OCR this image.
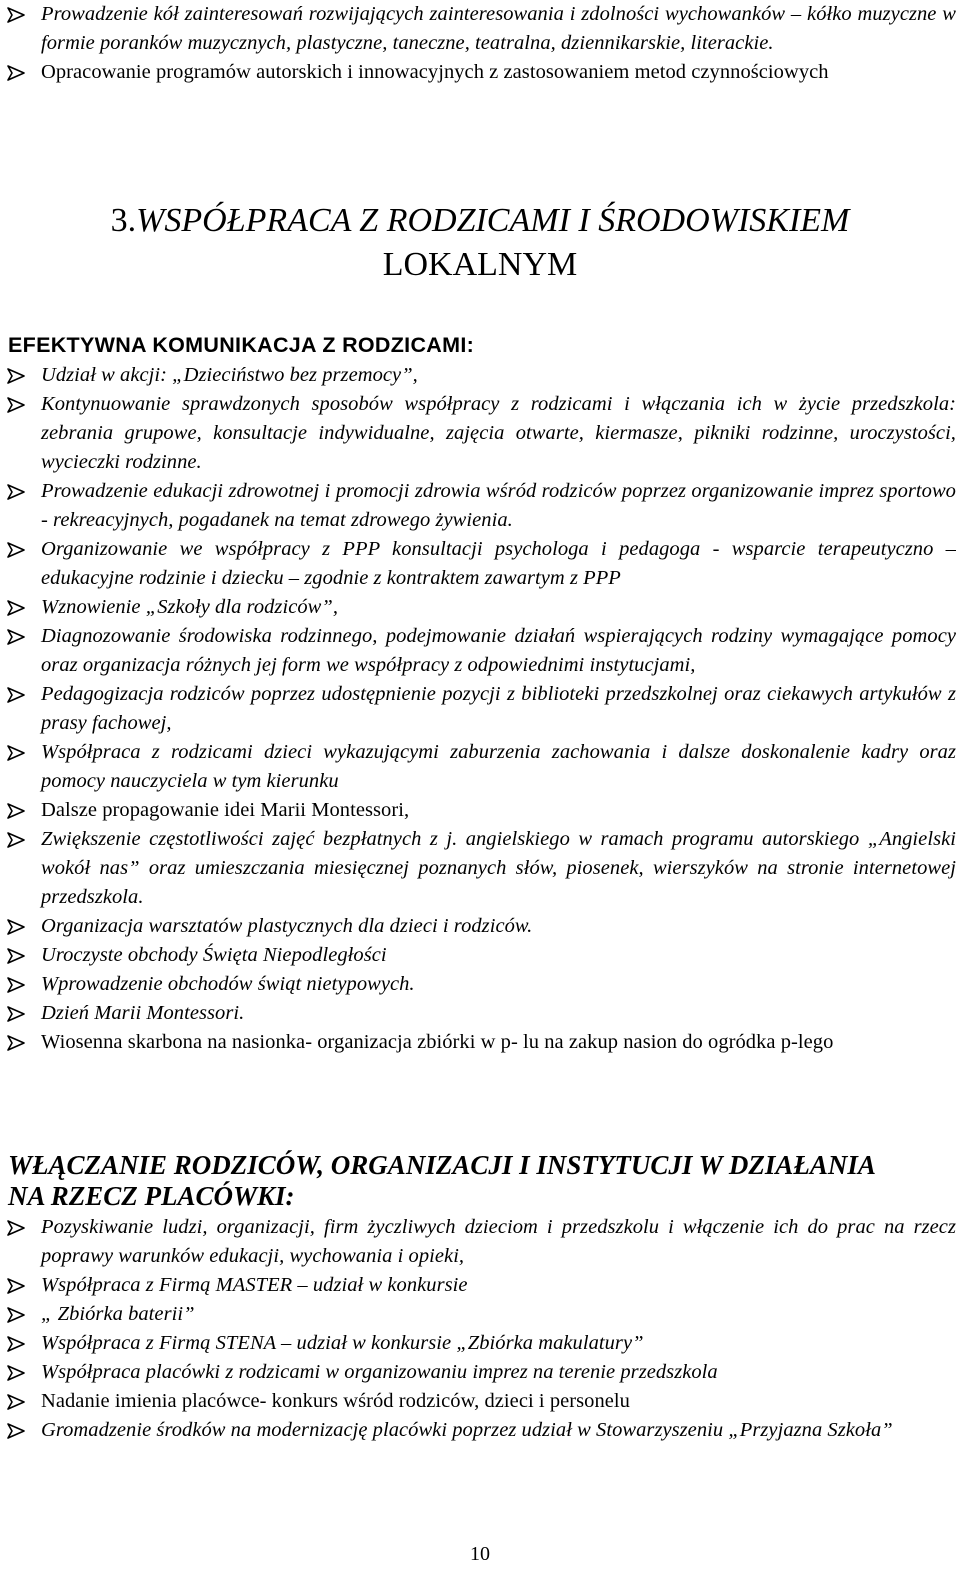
Prowadzenie kół zainteresowań rozwijających zainteresowania i zdolności wychowanków – kółko muzyczne w formie poranków muzycznych, plastyczne, taneczne, teatralna, dziennikarskie, literackie.
Opracowanie programów autorskich i innowacyjnych z zastosowaniem metod czynnościowych
3.WSPÓŁPRACA Z RODZICAMI I ŚRODOWISKIEM
LOKALNYM
EFEKTYWNA KOMUNIKACJA Z RODZICAMI:
Udział w akcji: „Dzieciństwo bez przemocy”,
Kontynuowanie sprawdzonych sposobów współpracy z rodzicami i włączania ich w życie przedszkola: zebrania grupowe, konsultacje indywidualne, zajęcia otwarte, kiermasze, pikniki rodzinne, uroczystości, wycieczki rodzinne.
Prowadzenie edukacji zdrowotnej i promocji zdrowia wśród rodziców poprzez organizowanie imprez sportowo - rekreacyjnych, pogadanek na temat zdrowego żywienia.
Organizowanie we współpracy z PPP konsultacji psychologa i pedagoga - wsparcie terapeutyczno – edukacyjne rodzinie i dziecku – zgodnie z kontraktem zawartym z PPP
Wznowienie „Szkoły dla rodziców”,
Diagnozowanie środowiska rodzinnego, podejmowanie działań wspierających rodziny wymagające pomocy oraz organizacja różnych jej form we współpracy z odpowiednimi instytucjami,
Pedagogizacja rodziców poprzez udostępnienie pozycji z biblioteki przedszkolnej oraz ciekawych artykułów z prasy fachowej,
Współpraca z rodzicami dzieci wykazującymi zaburzenia zachowania i dalsze doskonalenie kadry oraz pomocy nauczyciela w tym kierunku
Dalsze propagowanie idei Marii Montessori,
Zwiększenie częstotliwości zajęć bezpłatnych z j. angielskiego w ramach programu autorskiego „Angielski wokół nas” oraz umieszczania miesięcznej poznanych słów, piosenek, wierszyków na stronie internetowej przedszkola.
Organizacja warsztatów plastycznych dla dzieci i rodziców.
Uroczyste obchody Święta Niepodległości
Wprowadzenie obchodów świąt nietypowych.
Dzień Marii Montessori.
Wiosenna skarbona na nasionka- organizacja zbiórki w p- lu na zakup nasion do ogródka p-lego
WŁĄCZANIE RODZICÓW, ORGANIZACJI I INSTYTUCJI W DZIAŁANIA
NA RZECZ PLACÓWKI:
Pozyskiwanie ludzi, organizacji, firm życzliwych dzieciom i przedszkolu i włączenie ich do prac na rzecz poprawy warunków edukacji, wychowania i opieki,
Współpraca z Firmą MASTER – udział w konkursie
„ Zbiórka baterii”
Współpraca z Firmą STENA – udział w konkursie „Zbiórka makulatury”
Współpraca placówki z rodzicami w organizowaniu imprez na terenie przedszkola
Nadanie imienia placówce- konkurs wśród rodziców, dzieci i personelu
Gromadzenie środków na modernizację placówki poprzez udział w Stowarzyszeniu „Przyjazna Szkoła”
10
